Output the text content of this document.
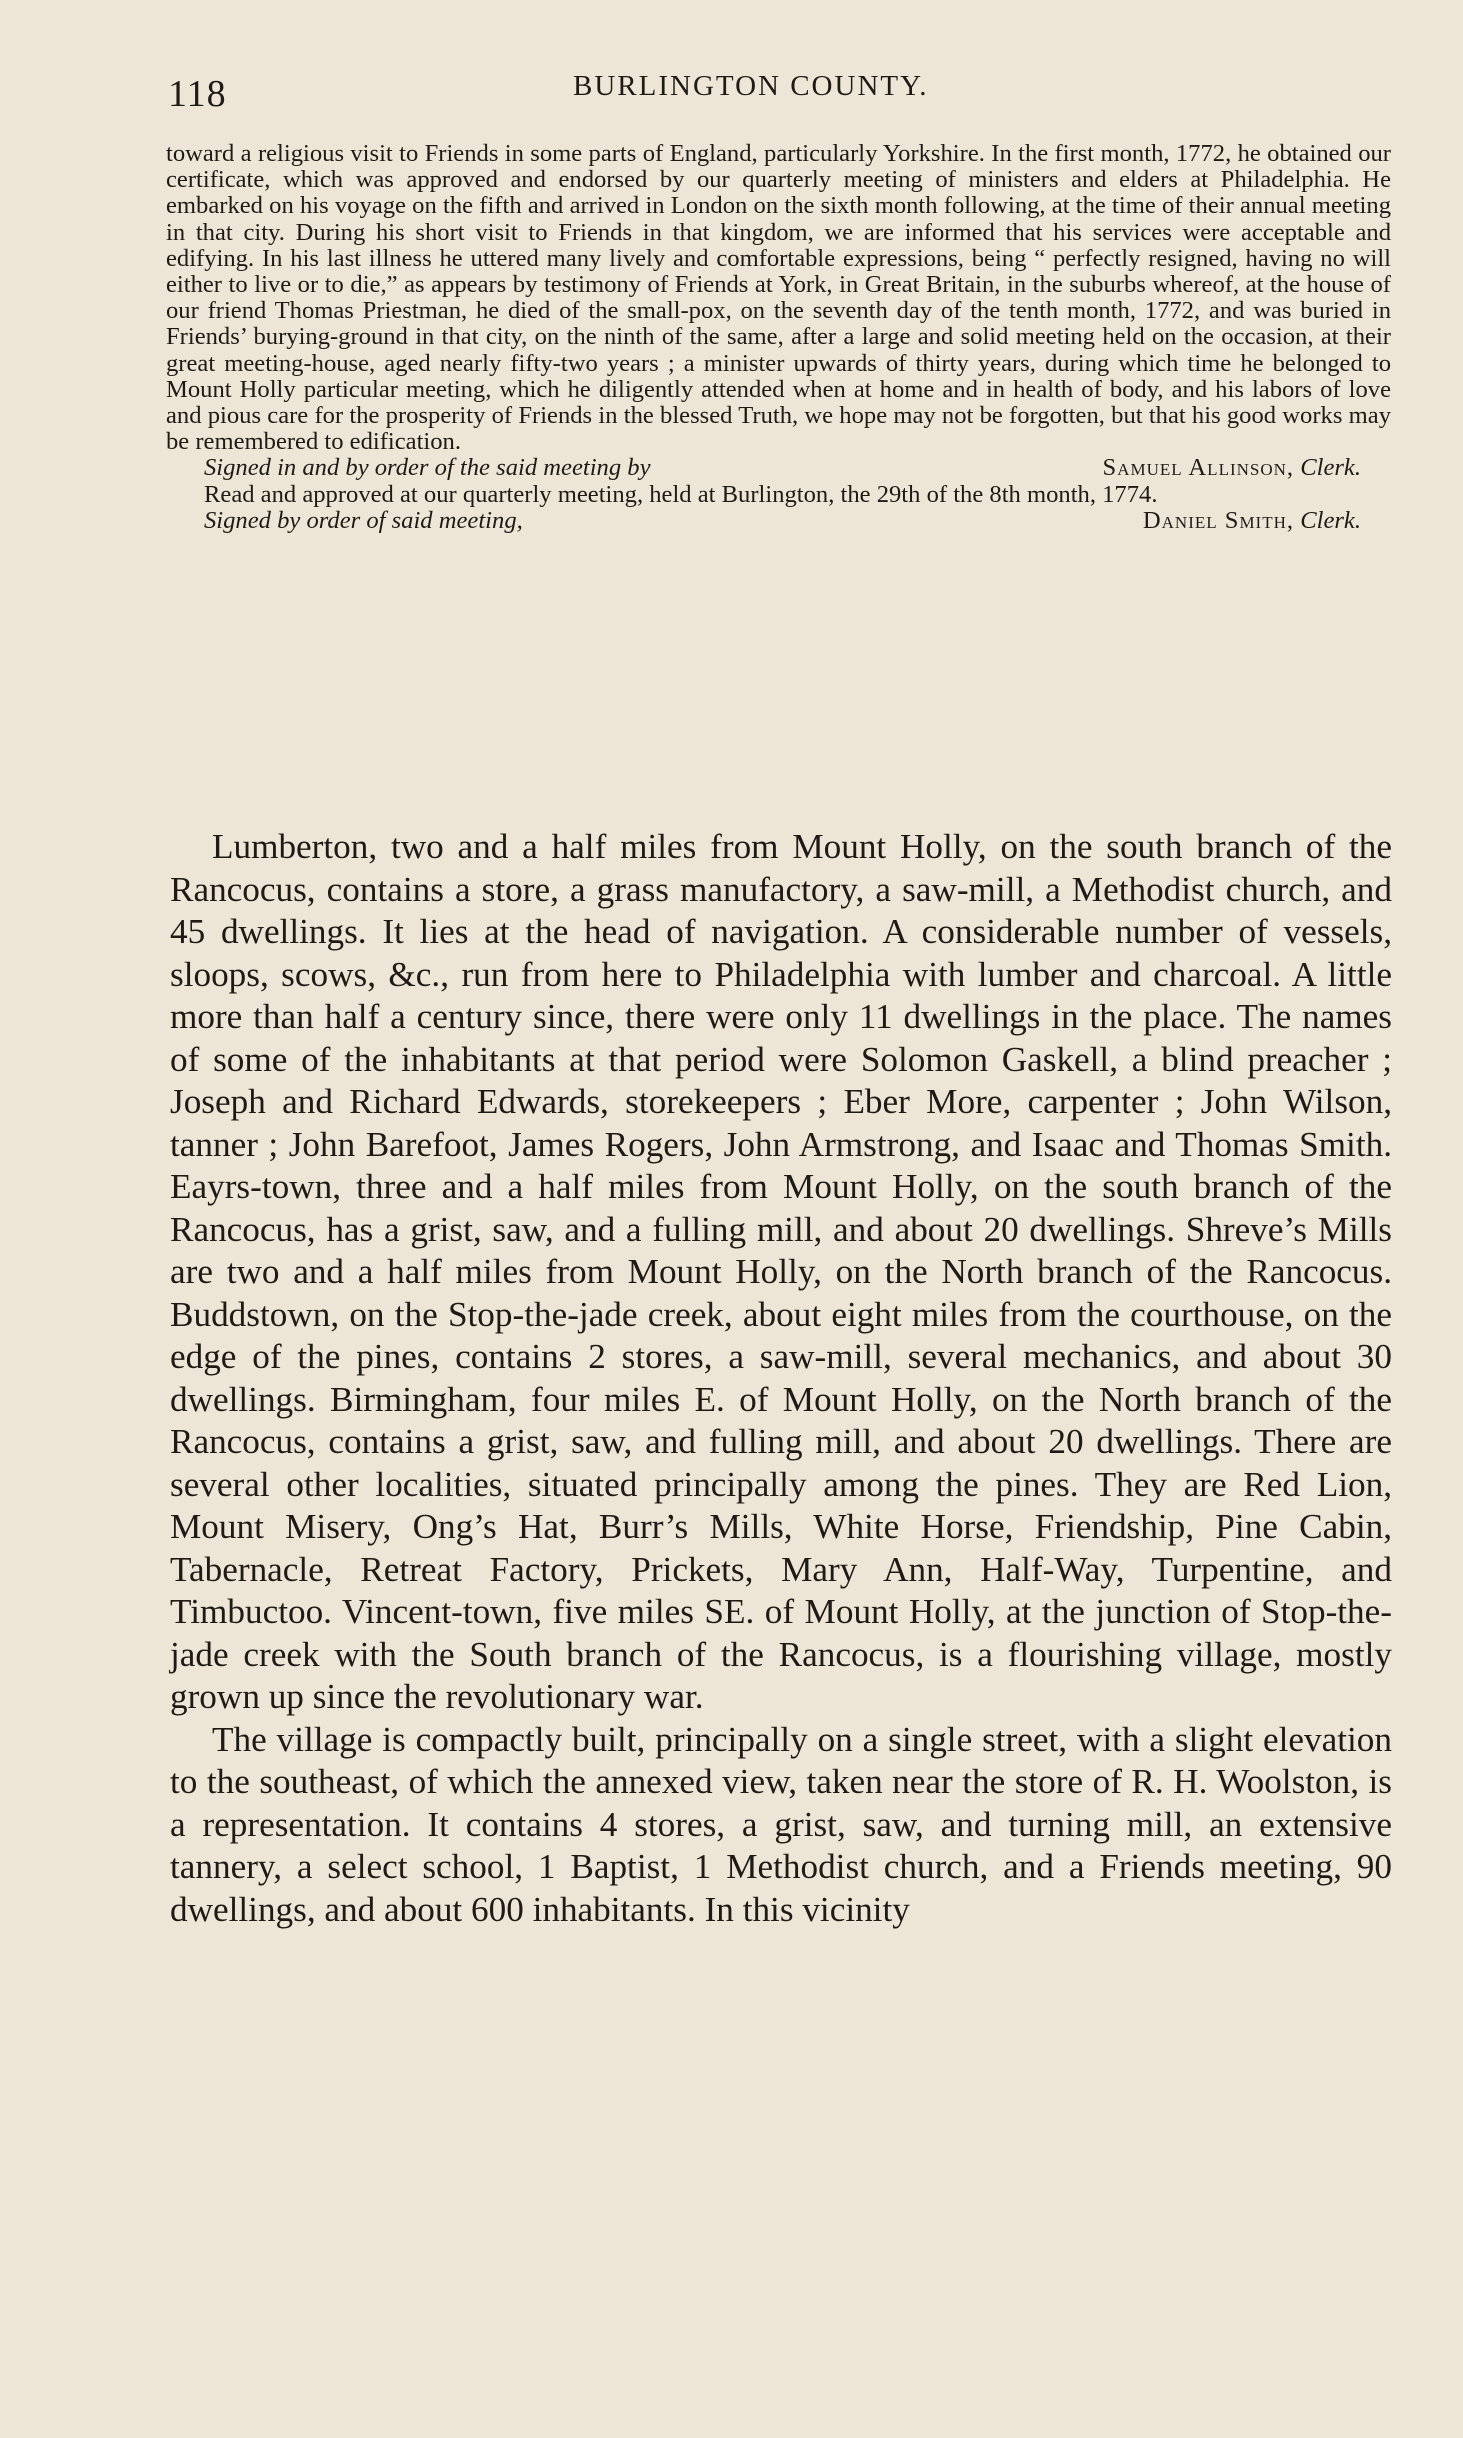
118	BURLINGTON COUNTY.

toward a religious visit to Friends in some parts of England, particularly Yorkshire. In the first month, 1772, he obtained our certificate, which was approved and endorsed by our quarterly meeting of ministers and elders at Philadelphia. He embarked on his voyage on the fifth and arrived in London on the sixth month following, at the time of their annual meeting in that city. During his short visit to Friends in that kingdom, we are informed that his services were acceptable and edifying. In his last illness he uttered many lively and comfortable expressions, being “ perfectly resigned, having no will either to live or to die,” as appears by testimony of Friends at York, in Great Britain, in the suburbs whereof, at the house of our friend Thomas Priestman, he died of the small-pox, on the seventh day of the tenth month, 1772, and was buried in Friends’ burying-ground in that city, on the ninth of the same, after a large and solid meeting held on the occasion, at their great meeting-house, aged nearly fifty-two years ; a minister upwards of thirty years, during which time he belonged to Mount Holly particular meeting, which he diligently attended when at home and in health of body, and his labors of love and pious care for the prosperity of Friends in the blessed Truth, we hope may not be forgotten, but that his good works may be remembered to edification.

Signed in and by order of the said meeting by	Samuel Allinson, Clerk.

Read and approved at our quarterly meeting, held at Burlington, the 29th of the 8th month, 1774.

Signed by order of said meeting,	Daniel Smith, Clerk.

Lumberton, two and a half miles from Mount Holly, on the south branch of the Rancocus, contains a store, a grass manufactory, a saw-mill, a Methodist church, and 45 dwellings. It lies at the head of navigation. A considerable number of vessels, sloops, scows, &c., run from here to Philadelphia with lumber and charcoal. A little more than half a century since, there were only 11 dwellings in the place. The names of some of the inhabitants at that period were Solomon Gaskell, a blind preacher ; Joseph and Richard Edwards, storekeepers ; Eber More, carpenter ; John Wilson, tanner ; John Barefoot, James Rogers, John Armstrong, and Isaac and Thomas Smith. Eayrs-town, three and a half miles from Mount Holly, on the south branch of the Rancocus, has a grist, saw, and a fulling mill, and about 20 dwellings. Shreve’s Mills are two and a half miles from Mount Holly, on the North branch of the Rancocus. Buddstown, on the Stop-the-jade creek, about eight miles from the courthouse, on the edge of the pines, contains 2 stores, a saw-mill, several mechanics, and about 30 dwellings. Birmingham, four miles E. of Mount Holly, on the North branch of the Rancocus, contains a grist, saw, and fulling mill, and about 20 dwellings. There are several other localities, situated principally among the pines. They are Red Lion, Mount Misery, Ong’s Hat, Burr’s Mills, White Horse, Friendship, Pine Cabin, Tabernacle, Retreat Factory, Prickets, Mary Ann, Half-Way, Turpentine, and Timbuctoo. Vincent-town, five miles SE. of Mount Holly, at the junction of Stop-the-jade creek with the South branch of the Rancocus, is a flourishing village, mostly grown up since the revolutionary war.

The village is compactly built, principally on a single street, with a slight elevation to the southeast, of which the annexed view, taken near the store of R. H. Woolston, is a representation. It contains 4 stores, a grist, saw, and turning mill, an extensive tannery, a select school, 1 Baptist, 1 Methodist church, and a Friends meeting, 90 dwellings, and about 600 inhabitants. In this vicinity
